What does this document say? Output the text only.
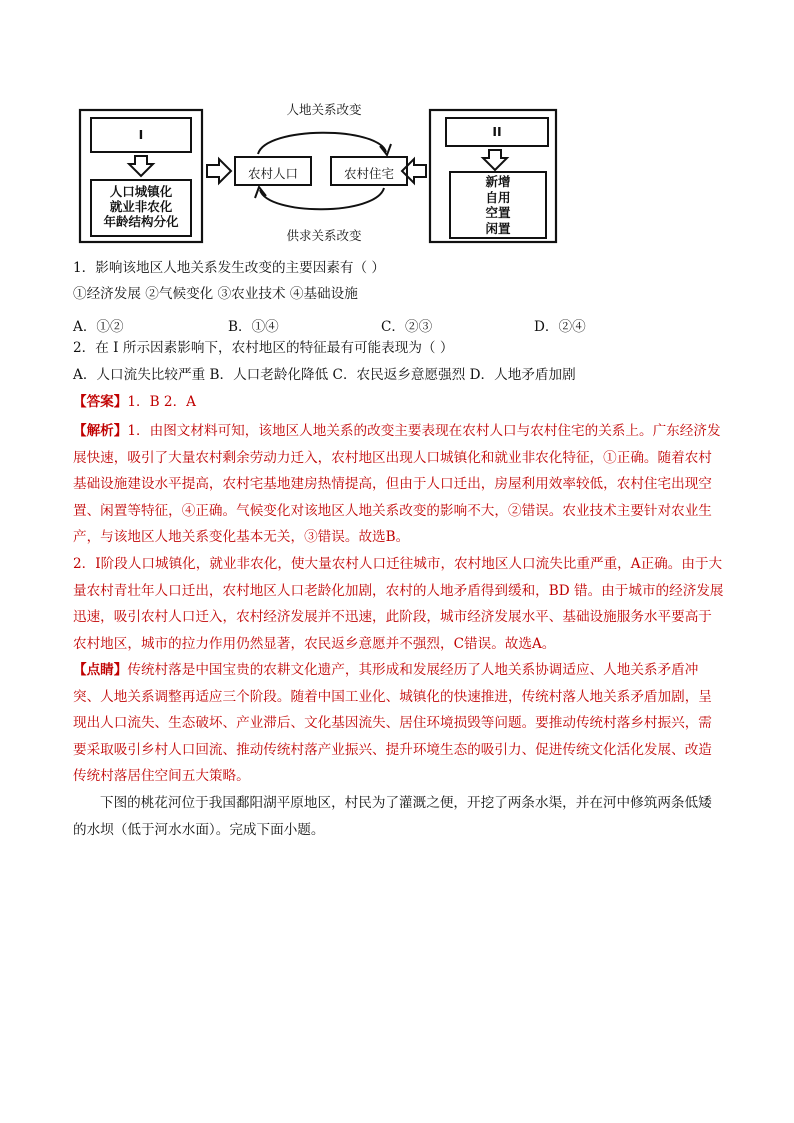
人地关系改变
供求关系改变
I
人口城镇化
就业非农化
年龄结构分化
II
新增
自用
空置
闲置
农村人口	农村住宅
1．影响该地区人地关系发生改变的主要因素有（ ）
①经济发展 ②气候变化 ③农业技术 ④基础设施
A．①②	B．①④	C．②③	D．②④
2．在 I 所示因素影响下，农村地区的特征最有可能表现为（ ）
A．人口流失比较严重 B．人口老龄化降低 C．农民返乡意愿强烈 D．人地矛盾加剧
【答案】1．B 2．A
【解析】1．由图文材料可知，该地区人地关系的改变主要表现在农村人口与农村住宅的关系上。广东经济发展快速，吸引了大量农村剩余劳动力迁入，农村地区出现人口城镇化和就业非农化特征，①正确。随着农村基础设施建设水平提高，农村宅基地建房热情提高，但由于人口迁出，房屋利用效率较低，农村住宅出现空置、闲置等特征，④正确。气候变化对该地区人地关系改变的影响不大，②错误。农业技术主要针对农业生产，与该地区人地关系变化基本无关，③错误。故选B。
2．I阶段人口城镇化，就业非农化，使大量农村人口迁往城市，农村地区人口流失比重严重，A正确。由于大量农村青壮年人口迁出，农村地区人口老龄化加剧，农村的人地矛盾得到缓和，BD 错。由于城市的经济发展迅速，吸引农村人口迁入，农村经济发展并不迅速，此阶段，城市经济发展水平、基础设施服务水平要高于农村地区，城市的拉力作用仍然显著，农民返乡意愿并不强烈，C错误。故选A。
【点睛】传统村落是中国宝贵的农耕文化遗产，其形成和发展经历了人地关系协调适应、人地关系矛盾冲突、人地关系调整再适应三个阶段。随着中国工业化、城镇化的快速推进，传统村落人地关系矛盾加剧，呈现出人口流失、生态破坏、产业滞后、文化基因流失、居住环境损毁等问题。要推动传统村落乡村振兴，需要采取吸引乡村人口回流、推动传统村落产业振兴、提升环境生态的吸引力、促进传统文化活化发展、改造传统村落居住空间五大策略。
下图的桃花河位于我国鄱阳湖平原地区，村民为了灌溉之便，开挖了两条水渠，并在河中修筑两条低矮的水坝（低于河水水面）。完成下面小题。
